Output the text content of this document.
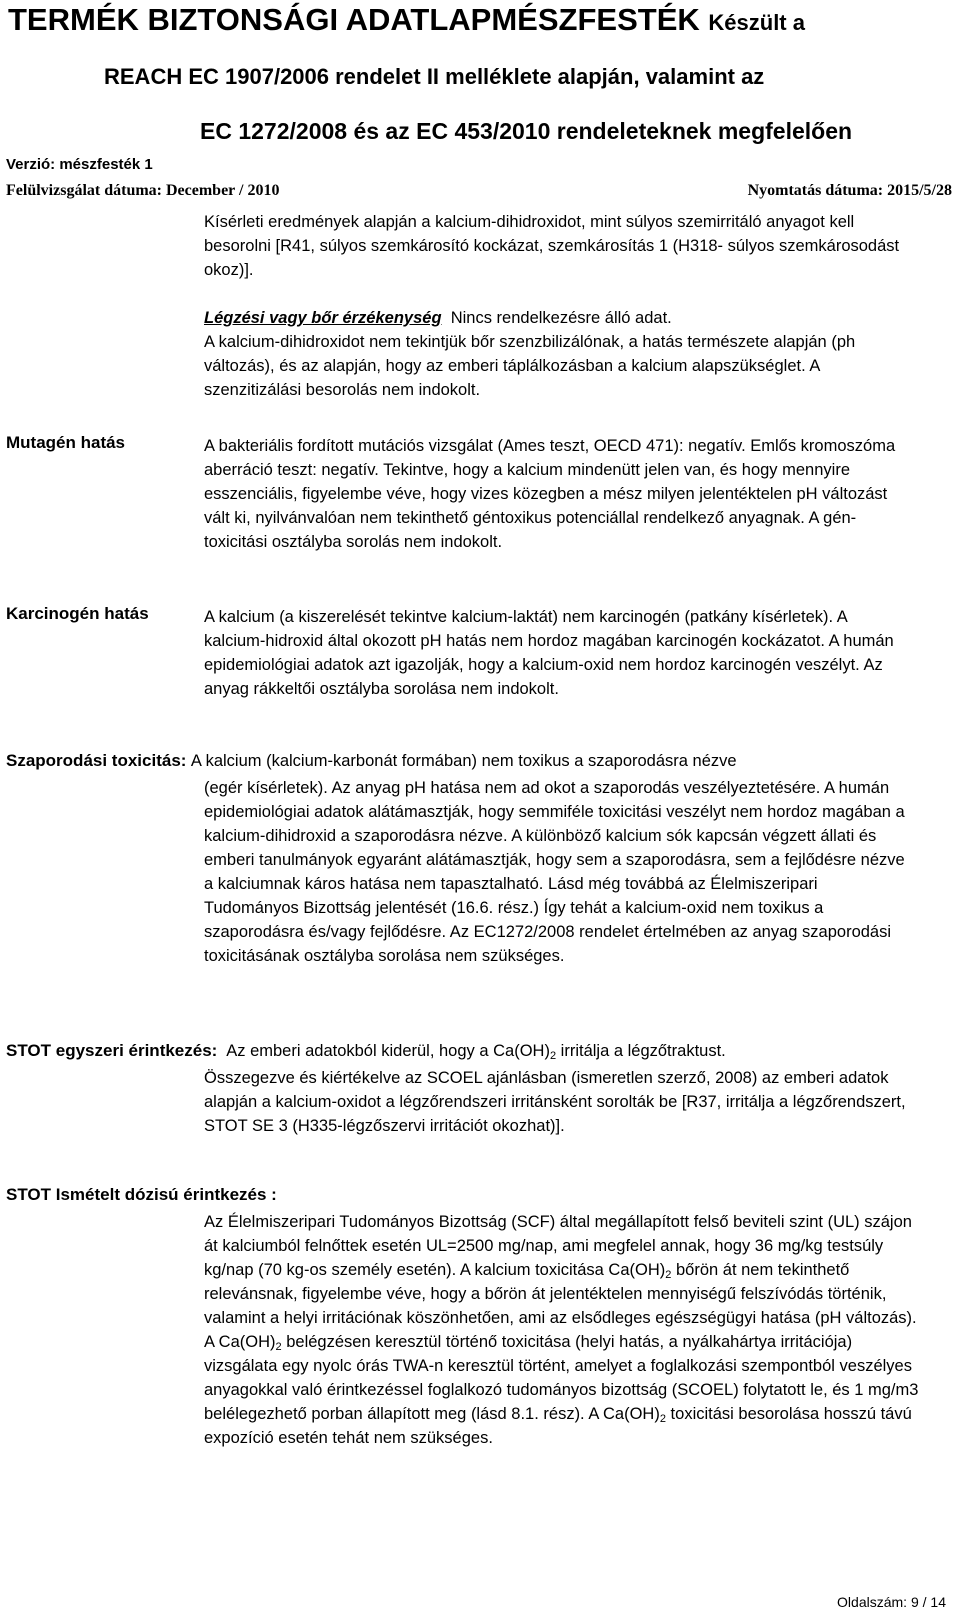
TERMÉK BIZTONSÁGI ADATLAPMÉSZFESTÉK Készült a
REACH EC 1907/2006 rendelet II melléklete alapján, valamint az
EC 1272/2008 és az EC 453/2010 rendeleteknek megfelelően
Verzió: mészfesték 1
Felülvizsgálat dátuma: December / 2010	Nyomtatás dátuma: 2015/5/28
Kísérleti eredmények alapján a kalcium-dihidroxidot, mint súlyos szemirritáló anyagot kell besorolni [R41, súlyos szemkárosító kockázat, szemkárosítás 1 (H318- súlyos szemkárosodást okoz)].

Légzési vagy bőr érzékenység Nincs rendelkezésre álló adat.

A kalcium-dihidroxidot nem tekintjük bőr szenzbilizálónak, a hatás természete alapján (ph változás), és az alapján, hogy az emberi táplálkozásban a kalcium alapszükséglet. A szenzitizálási besorolás nem indokolt.

Mutagén hatás	A bakteriális fordított mutációs vizsgálat (Ames teszt, OECD 471): negatív. Emlős kromoszóma aberráció teszt: negatív. Tekintve, hogy a kalcium mindenütt jelen van, és hogy mennyire esszenciális, figyelembe véve, hogy vizes közegben a mész milyen jelentéktelen pH változást vált ki, nyilvánvalóan nem tekinthető géntoxikus potenciállal rendelkező anyagnak. A gén-toxicitási osztályba sorolás nem indokolt.
Karcinogén hatás	A kalcium (a kiszerelését tekintve kalcium-laktát) nem karcinogén (patkány kísérletek). A kalcium-hidroxid által okozott pH hatás nem hordoz magában karcinogén kockázatot. A humán epidemiológiai adatok azt igazolják, hogy a kalcium-oxid nem hordoz karcinogén veszélyt. Az anyag rákkeltői osztályba sorolása nem indokolt.
Szaporodási toxicitás: A kalcium (kalcium-karbonát formában) nem toxikus a szaporodásra nézve
(egér kísérletek). Az anyag pH hatása nem ad okot a szaporodás veszélyeztetésére. A humán epidemiológiai adatok alátámasztják, hogy semmiféle toxicitási veszélyt nem hordoz magában a kalcium-dihidroxid a szaporodásra nézve. A különböző kalcium sók kapcsán végzett állati és emberi tanulmányok egyaránt alátámasztják, hogy sem a szaporodásra, sem a fejlődésre nézve a kalciumnak káros hatása nem tapasztalható. Lásd még továbbá az Élelmiszeripari Tudományos Bizottság jelentését (16.6. rész.) Így tehát a kalcium-oxid nem toxikus a szaporodásra és/vagy fejlődésre. Az EC1272/2008 rendelet értelmében az anyag szaporodási toxicitásának osztályba sorolása nem szükséges.
STOT egyszeri érintkezés: Az emberi adatokból kiderül, hogy a $Ca(OH)_2$ irritálja a légzőtraktust.
Összegezve és kiértékelve az SCOEL ajánlásban (ismeretlen szerző, 2008) az emberi adatok alapján a kalcium-oxidot a légzőrendszeri irritánsként sorolták be [R37, irritálja a légzőrendszert, STOT SE 3 (H335-légzőszervi irritációt okozhat)].
STOT Ismételt dózisú érintkezés :
Az Élelmiszeripari Tudományos Bizottság (SCF) által megállapított felső beviteli szint (UL) szájon át kalciumból felnőttek esetén UL=2500 mg/nap, ami megfelel annak, hogy 36 mg/kg testsúly kg/nap (70 kg-os személy esetén). A kalcium toxicitása $Ca(OH)_2$ bőrön át nem tekinthető relevánsnak, figyelembe véve, hogy a bőrön át jelentéktelen mennyiségű felszívódás történik, valamint a helyi irritációnak köszönhetően, ami az elsődleges egészségügyi hatása (pH változás). A $Ca(OH)_2$ belégzésen keresztül történő toxicitása (helyi hatás, a nyálkahártya irritációja) vizsgálata egy nyolc órás TWA-n keresztül történt, amelyet a foglalkozási szempontból veszélyes anyagokkal való érintkezéssel foglalkozó tudományos bizottság (SCOEL) folytatott le, és 1 mg/m3 belélegezhető porban állapított meg (lásd 8.1. rész). A $Ca(OH)_2$ toxicitási besorolása hosszú távú expozíció esetén tehát nem szükséges.
Oldalszám: 9 / 14
